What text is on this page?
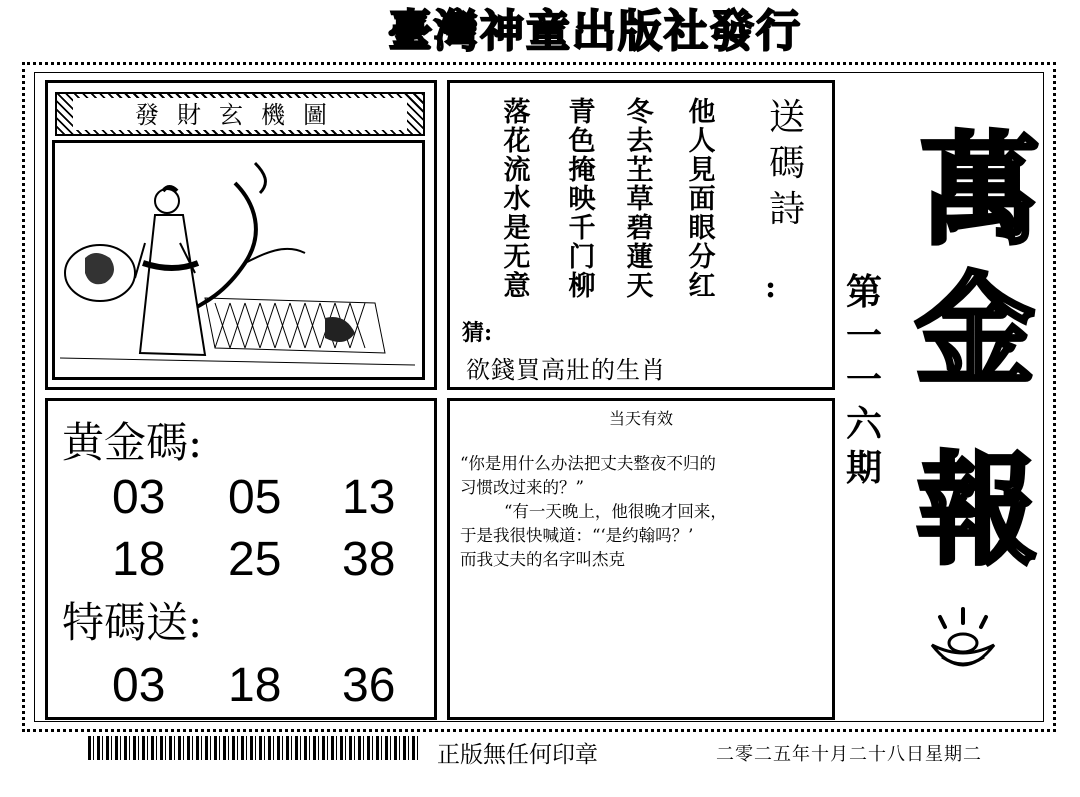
臺灣神童出版社發行
發財玄機圖	送碼詩
:
他人見面眼分红
冬去芏草碧蓮天
青色掩映千门柳
落花流水是无意
猜:
欲錢買高壯的生肖
萬
金
報
第一一六期
黄金碼:
03 05 13
18 25 38
特碼送:
03 18 36
当天有效
“你是用什么办法把丈夫整夜不归的
习惯改过来的？”
“有一天晚上，他很晚才回来，
于是我很快喊道：“‘是约翰吗？’
而我丈夫的名字叫杰克
正版無任何印章	二零二五年十月二十八日星期二
